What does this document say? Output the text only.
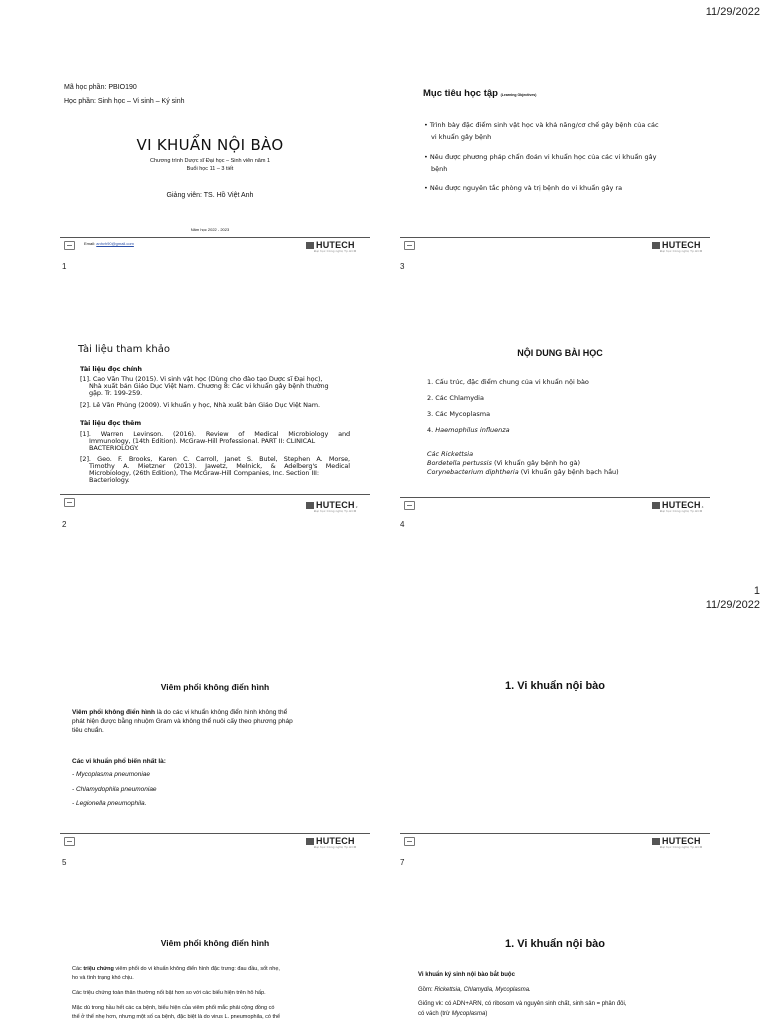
11/29/2022
1
11/29/2022
Mã học phần: PBIO190
Học phần: Sinh học – Vi sinh – Ký sinh
VI KHUẨN NỘI BÀO
Chương trình Dược sĩ Đại học – Sinh viên năm 1
Buổi học 11 – 3 tiết
Giảng viên: TS. Hồ Việt Anh
Năm học 2022 - 2023
Email: anhvh90@gmail.com	HUTECH
Đại học Công nghệ Tp.HCM
1
Mục tiêu học tập (Learning Objectives)
• Trình bày đặc điểm sinh vật học và khả năng/cơ chế gây bệnh của các
vi khuẩn gây bệnh
• Nêu được phương pháp chẩn đoán vi khuẩn học của các vi khuẩn gây
bệnh
• Nêu được nguyên tắc phòng và trị bệnh do vi khuẩn gây ra
HUTECH
Đại học Công nghệ Tp.HCM
3
Tài liệu tham khảo
Tài liệu đọc chính
[1]. Cao Văn Thu (2015). Vi sinh vật học (Dùng cho đào tạo Dược sĩ Đại học),
Nhà xuất bản Giáo Dục Việt Nam. Chương 8: Các vi khuẩn gây bệnh thường
gặp. Tr. 199-259.
[2]. Lê Văn Phủng (2009). Vi khuẩn y học, Nhà xuất bản Giáo Dục Việt Nam.
Tài liệu đọc thêm
[1]. Warren Levinson. (2016). Review of Medical Microbiology and
Immunology, (14th Edition). McGraw-Hill Professional. PART II: CLINICAL
BACTERIOLOGY.
[2]. Geo. F. Brooks, Karen C. Carroll, Janet S. Butel, Stephen A. Morse,
Timothy A. Mietzner (2013). Jawetz, Melnick, & Adelberg's Medical
Microbiology, (26th Edition), The McGraw-Hill Companies, Inc. Section III:
Bacteriology.
HUTECH2
Đại học Công nghệ Tp.HCM
2
NỘI DUNG BÀI HỌC
1. Cấu trúc, đặc điểm chung của vi khuẩn nội bào
2. Các Chlamydia
3. Các Mycoplasma
4. Haemophilus influenza
Các Rickettsia
Bordetella pertussis (Vi khuẩn gây bệnh ho gà)
Corynebacterium diphtheria (Vi khuẩn gây bệnh bạch hầu)
HUTECH4
Đại học Công nghệ Tp.HCM
4
Viêm phổi không điển hình
Viêm phổi không điển hình là do các vi khuẩn không điển hình không thể
phát hiện được bằng nhuộm Gram và không thể nuôi cấy theo phương pháp
tiêu chuẩn.
Các vi khuẩn phổ biến nhất là:
- Mycoplasma pneumoniae
- Chlamydophila pneumoniae
- Legionella pneumophila.
HUTECH
Đại học Công nghệ Tp.HCM
5
1. Vi khuẩn nội bào
HUTECH
Đại học Công nghệ Tp.HCM
7
Viêm phổi không điển hình
Các triệu chứng viêm phổi do vi khuẩn không điển hình đặc trưng: đau đầu, sốt nhẹ,
ho và tình trạng khó chịu.
Các triệu chứng toàn thân thường nổi bật hơn so với các biểu hiện trên hô hấp.
Mặc dù trong hầu hết các ca bệnh, biểu hiện của viêm phổi mắc phải cộng đồng có
thể ở thể nhẹ hơn, nhưng một số ca bệnh, đặc biệt là do virus L. pneumophila, có thể
1. Vi khuẩn nội bào
Vi khuẩn ký sinh nội bào bắt buộc
Gồm: Rickettsia, Chlamydia, Mycoplasma.
Giống vk: có ADN+ARN, có ribosom và nguyên sinh chất, sinh sản = phân đôi,
có vách (trừ Mycoplasma)
